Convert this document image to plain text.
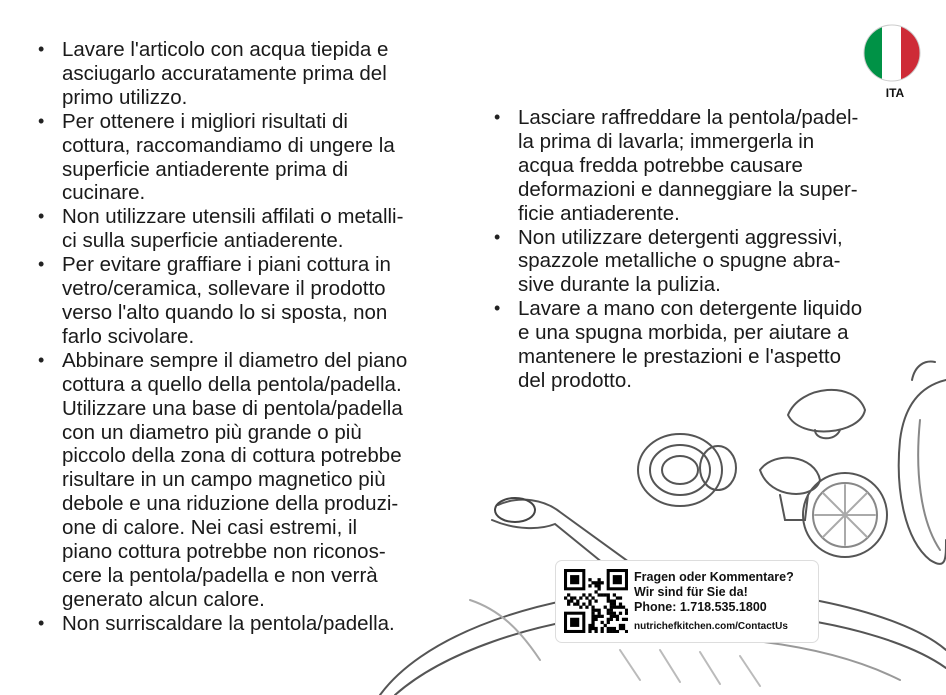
ITA
• Lavare l'articolo con acqua tiepida e
asciugarlo accuratamente prima del
primo utilizzo.
• Per ottenere i migliori risultati di
cottura, raccomandiamo di ungere la
superficie antiaderente prima di
cucinare.
• Non utilizzare utensili affilati o metalli-
ci sulla superficie antiaderente.
• Per evitare graffiare i piani cottura in
vetro/ceramica, sollevare il prodotto
verso l'alto quando lo si sposta, non
farlo scivolare.
• Abbinare sempre il diametro del piano
cottura a quello della pentola/padella.
Utilizzare una base di pentola/padella
con un diametro più grande o più
piccolo della zona di cottura potrebbe
risultare in un campo magnetico più
debole e una riduzione della produzi-
one di calore. Nei casi estremi, il
piano cottura potrebbe non riconos-
cere la pentola/padella e non verrà
generato alcun calore.
• Non surriscaldare la pentola/padella.
• Lasciare raffreddare la pentola/padel-
la prima di lavarla; immergerla in
acqua fredda potrebbe causare
deformazioni e danneggiare la super-
ficie antiaderente.
• Non utilizzare detergenti aggressivi,
spazzole metalliche o spugne abra-
sive durante la pulizia.
• Lavare a mano con detergente liquido
e una spugna morbida, per aiutare a
mantenere le prestazioni e l'aspetto
del prodotto.
Fragen oder Kommentare?
Wir sind für Sie da!
Phone: 1.718.535.1800
nutrichefkitchen.com/ContactUs
